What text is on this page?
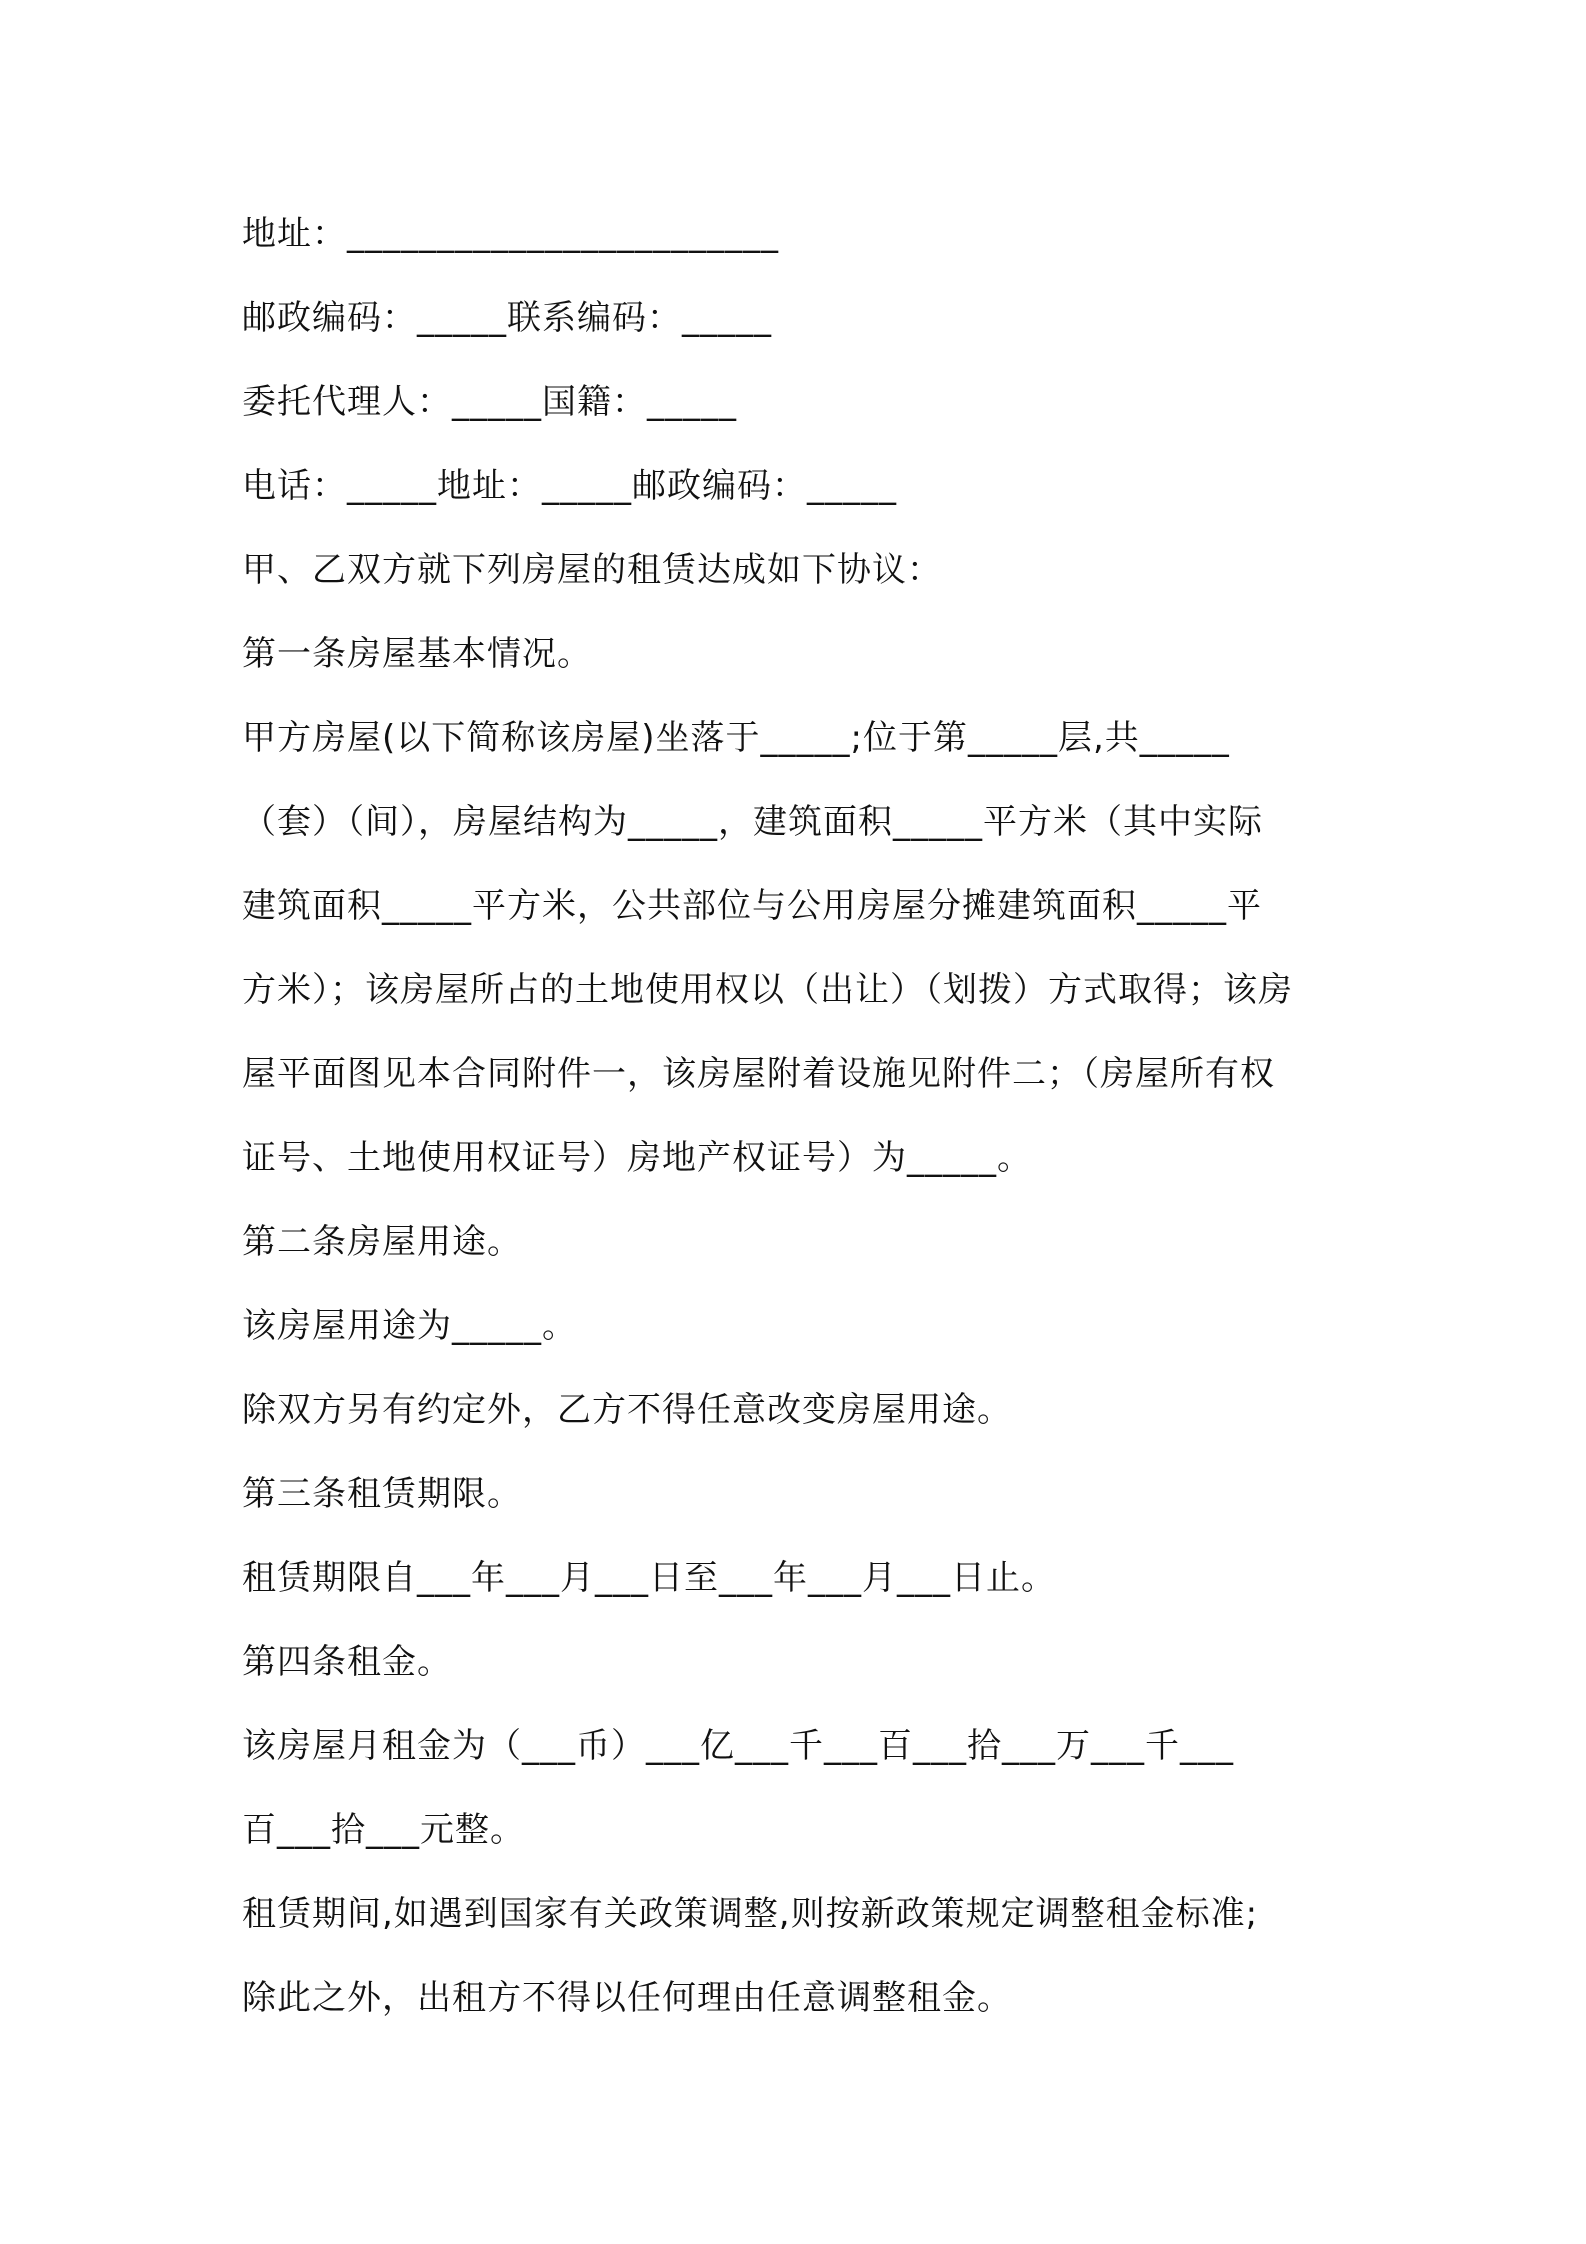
地址：________________________
邮政编码：_____联系编码：_____
委托代理人：_____国籍：_____
电话：_____地址：_____邮政编码：_____
甲、乙双方就下列房屋的租赁达成如下协议：
第一条房屋基本情况。
甲方房屋(以下简称该房屋)坐落于_____;位于第_____层,共_____
（套）（间），房屋结构为_____，建筑面积_____平方米（其中实际
建筑面积_____平方米，公共部位与公用房屋分摊建筑面积_____平
方米）；该房屋所占的土地使用权以（出让）（划拨）方式取得；该房
屋平面图见本合同附件一，该房屋附着设施见附件二；（房屋所有权
证号、土地使用权证号）房地产权证号）为_____。
第二条房屋用途。
该房屋用途为_____。
除双方另有约定外，乙方不得任意改变房屋用途。
第三条租赁期限。
租赁期限自___年___月___日至___年___月___日止。
第四条租金。
该房屋月租金为（___币）___亿___千___百___拾___万___千___
百___拾___元整。
租赁期间,如遇到国家有关政策调整,则按新政策规定调整租金标准;
除此之外，出租方不得以任何理由任意调整租金。
